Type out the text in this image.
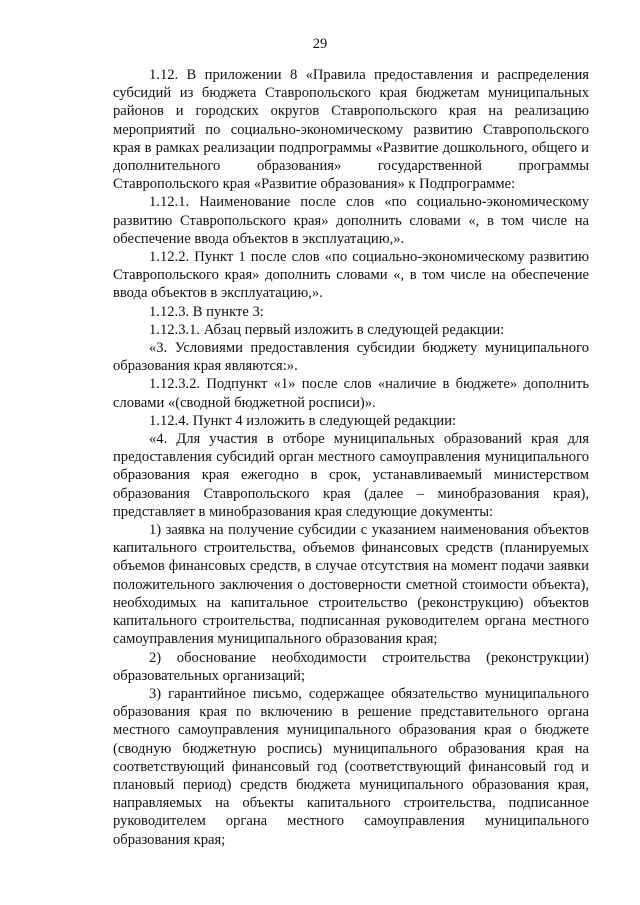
29

1.12. В приложении 8 «Правила предоставления и распределения субсидий из бюджета Ставропольского края бюджетам муниципальных районов и городских округов Ставропольского края на реализацию мероприятий по социально-экономическому развитию Ставропольского края в рамках реализации подпрограммы «Развитие дошкольного, общего и дополнительного образования» государственной программы Ставропольского края «Развитие образования» к Подпрограмме:

1.12.1. Наименование после слов «по социально-экономическому развитию Ставропольского края» дополнить словами «, в том числе на обеспечение ввода объектов в эксплуатацию,».

1.12.2. Пункт 1 после слов «по социально-экономическому развитию Ставропольского края» дополнить словами «, в том числе на обеспечение ввода объектов в эксплуатацию,».

1.12.3. В пункте 3:

1.12.3.1. Абзац первый изложить в следующей редакции:

«3. Условиями предоставления субсидии бюджету муниципального образования края являются:».

1.12.3.2. Подпункт «1» после слов «наличие в бюджете» дополнить словами «(сводной бюджетной росписи)».

1.12.4. Пункт 4 изложить в следующей редакции:

«4. Для участия в отборе муниципальных образований края для предоставления субсидий орган местного самоуправления муниципального образования края ежегодно в срок, устанавливаемый министерством образования Ставропольского края (далее – минобразования края), представляет в минобразования края следующие документы:

1) заявка на получение субсидии с указанием наименования объектов капитального строительства, объемов финансовых средств (планируемых объемов финансовых средств, в случае отсутствия на момент подачи заявки положительного заключения о достоверности сметной стоимости объекта), необходимых на капитальное строительство (реконструкцию) объектов капитального строительства, подписанная руководителем органа местного самоуправления муниципального образования края;

2) обоснование необходимости строительства (реконструкции) образовательных организаций;

3) гарантийное письмо, содержащее обязательство муниципального образования края по включению в решение представительного органа местного самоуправления муниципального образования края о бюджете (сводную бюджетную роспись) муниципального образования края на соответствующий финансовый год (соответствующий финансовый год и плановый период) средств бюджета муниципального образования края, направляемых на объекты капитального строительства, подписанное руководителем органа местного самоуправления муниципального образования края;
